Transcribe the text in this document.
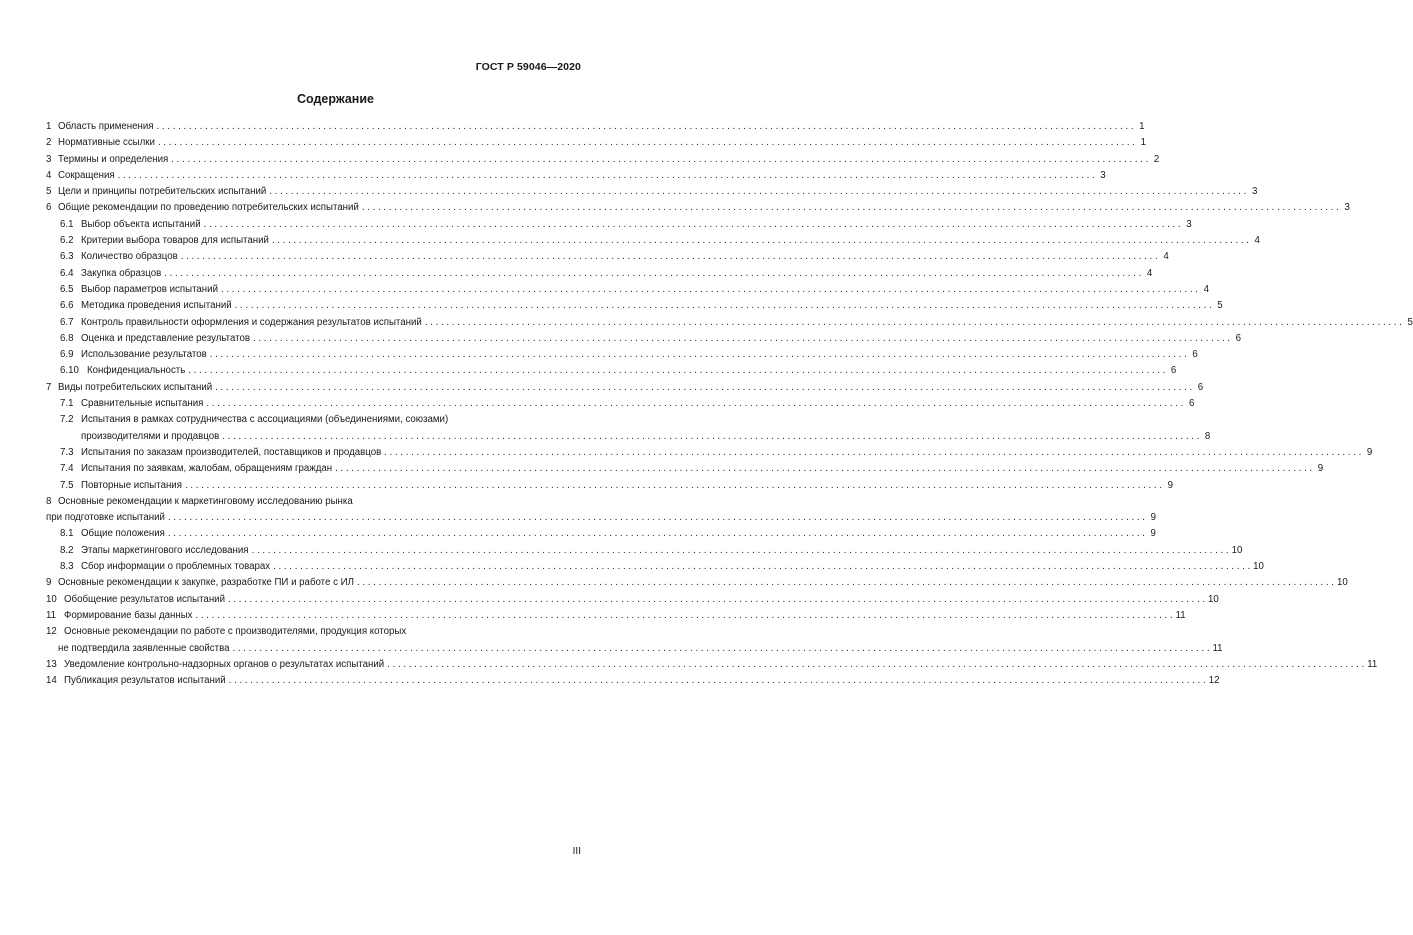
ГОСТ Р 59046—2020
Содержание
1 Область применения . . .	1
2 Нормативные ссылки . . .	1
3 Термины и определения . . .	2
4 Сокращения . . .	3
5 Цели и принципы потребительских испытаний . . .	3
6 Общие рекомендации по проведению потребительских испытаний . . .	3
6.1 Выбор объекта испытаний . . .	3
6.2 Критерии выбора товаров для испытаний . . .	4
6.3 Количество образцов . . .	4
6.4 Закупка образцов . . .	4
6.5 Выбор параметров испытаний . . .	4
6.6 Методика проведения испытаний . . .	5
6.7 Контроль правильности оформления и содержания результатов испытаний . . .	5
6.8 Оценка и представление результатов . . .	6
6.9 Использование результатов . . .	6
6.10 Конфиденциальность . . .	6
7 Виды потребительских испытаний . . .	6
7.1 Сравнительные испытания . . .	6
7.2 Испытания в рамках сотрудничества с ассоциациями (объединениями, союзами)
производителями и продавцов . . .	8
7.3 Испытания по заказам производителей, поставщиков и продавцов . . .	9
7.4 Испытания по заявкам, жалобам, обращениям граждан . . .	9
7.5 Повторные испытания . . .	9
8 Основные рекомендации к маркетинговому исследованию рынка
при подготовке испытаний . . .	9
8.1 Общие положения . . .	9
8.2 Этапы маркетингового исследования . . .	10
8.3 Сбор информации о проблемных товарах . . .	10
9 Основные рекомендации к закупке, разработке ПИ и работе с ИЛ . . .	10
10 Обобщение результатов испытаний . . .	10
11 Формирование базы данных . . .	11
12 Основные рекомендации по работе с производителями, продукция которых
не подтвердила заявленные свойства . . .	11
13 Уведомление контрольно-надзорных органов о результатах испытаний . . .	11
14 Публикация результатов испытаний . . .	12
III
